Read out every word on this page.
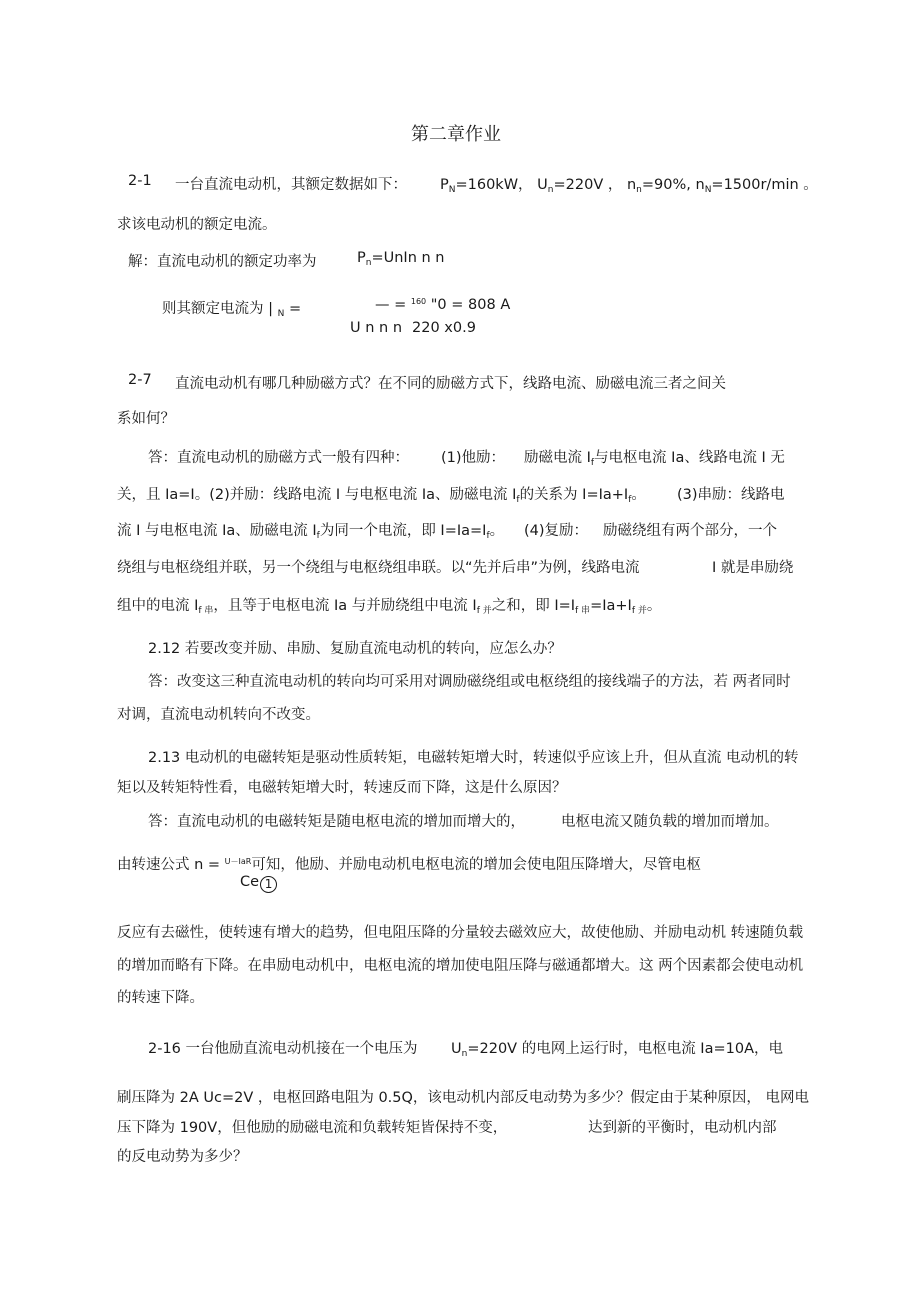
第二章作业
2-1 一台直流电动机，其额定数据如下： $P_N=160kW$， $U_n=220V$ ， $n_n=90\%$, $n_N=1500r/\min$ 。
求该电动机的额定电流。
解：直流电动机的额定功率为	$P_n=UnIn$ n n
则其额定电流为 | $_N$ =	— = $^{160}$ "0 = 808 A
U n n n 220 x0.9
2-7 直流电动机有哪几种励磁方式？在不同的励磁方式下，线路电流、励磁电流三者之间关
系如何？
答：直流电动机的励磁方式一般有四种： (1)他励： 励磁电流 $I_f$与电枢电流 Ia、线路电流 I 无
关，且 Ia=I。(2)并励：线路电流 I 与电枢电流 Ia、励磁电流 $I_f$的关系为 $I=Ia+I_f$。 (3)串励：线路电
流 I 与电枢电流 Ia、励磁电流 $I_f$为同一个电流，即 $I=Ia=I_f$。 (4)复励： 励磁绕组有两个部分，一个
绕组与电枢绕组并联，另一个绕组与电枢绕组串联。以“先并后串”为例，线路电流	I 就是串励绕
组中的电流 $I_{f 串}$，且等于电枢电流 Ia 与并励绕组中电流 $I_{f 并}$之和，即 $I=I_{f 串}=Ia+I_{f 并}$。
2.12 若要改变并励、串励、复励直流电动机的转向，应怎么办？
答：改变这三种直流电动机的转向均可采用对调励磁绕组或电枢绕组的接线端子的方法，若 两者同时
对调，直流电动机转向不改变。
2.13 电动机的电磁转矩是驱动性质转矩，电磁转矩增大时，转速似乎应该上升，但从直流 电动机的转
矩以及转矩特性看，电磁转矩增大时，转速反而下降，这是什么原因？
答：直流电动机的电磁转矩是随电枢电流的增加而增大的， 电枢电流又随负载的增加而增加。
由转速公式 n = $^{U-IaR}$可知，他励、并励电动机电枢电流的增加会使电阻压降增大，尽管电枢
Ce 1
反应有去磁性，使转速有增大的趋势，但电阻压降的分量较去磁效应大，故使他励、并励电动机 转速随负载
的增加而略有下降。在串励电动机中，电枢电流的增加使电阻压降与磁通都增大。这 两个因素都会使电动机
的转速下降。
2-16 一台他励直流电动机接在一个电压为 $U_n=220V$ 的电网上运行时，电枢电流 Ia=10A，电
刷压降为 2A Uc=2V ，电枢回路电阻为 0.5Q，该电动机内部反电动势为多少？假定由于某种原因， 电网电
压下降为 190V，但他励的励磁电流和负载转矩皆保持不变，	达到新的平衡时，电动机内部
的反电动势为多少？
